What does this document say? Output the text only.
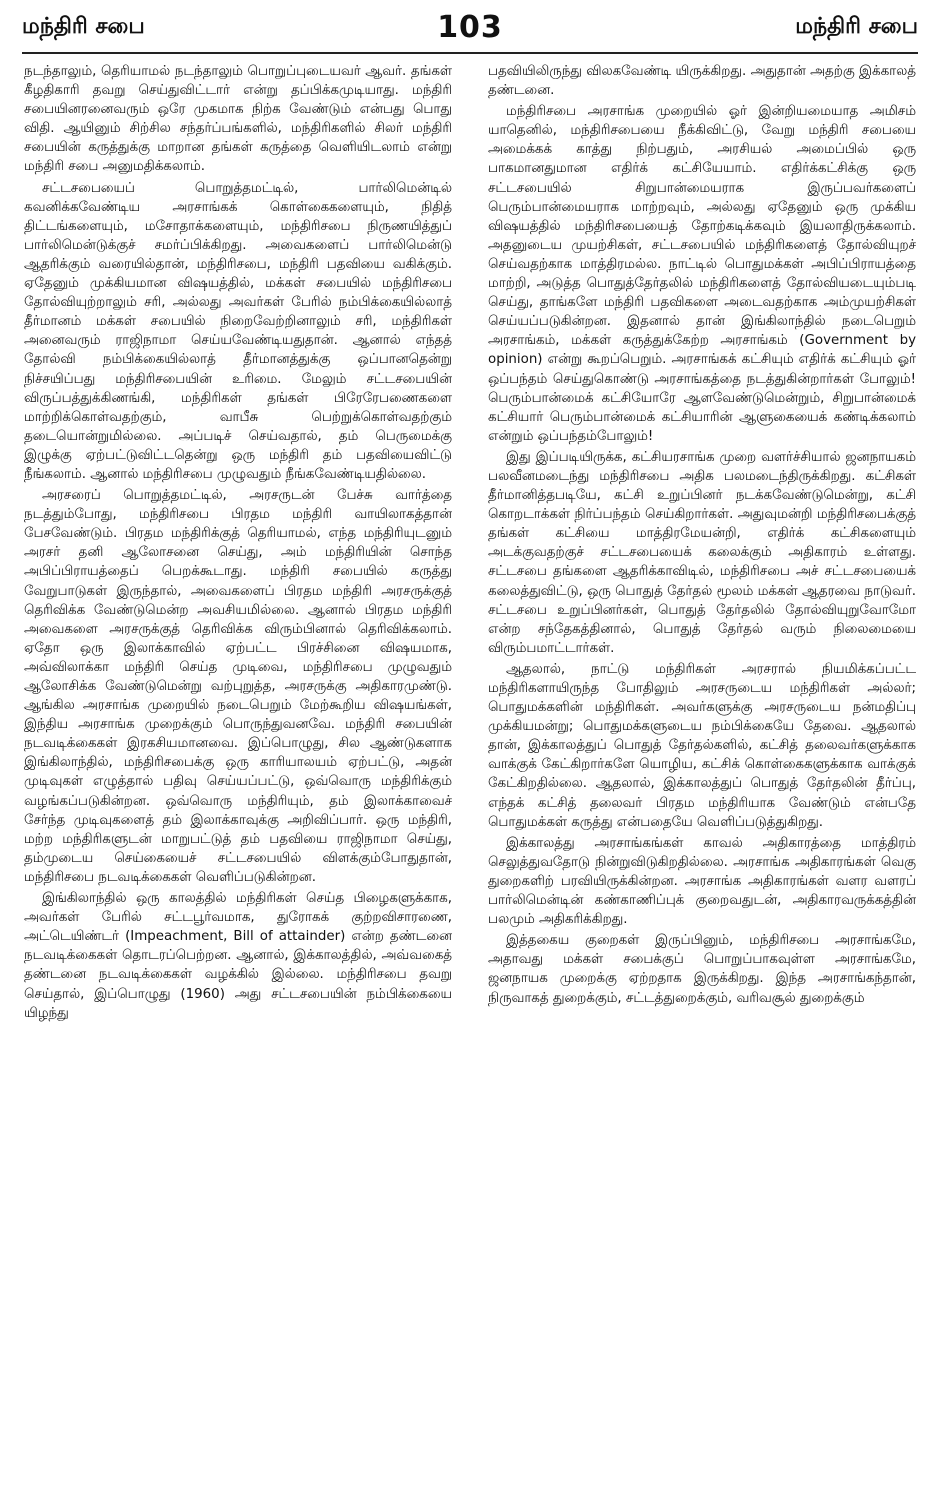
மந்திரி சபை	103	மந்திரி சபை

நடந்தாலும், தெரியாமல் நடந்தாலும் பொறுப்புடையவர் ஆவர். தங்கள் கீழதிகாரி தவறு செய்துவிட்டார் என்று தப்பிக்கமுடியாது. மந்திரி சபையினரனைவரும் ஒரே முகமாக நிற்க வேண்டும் என்பது பொது விதி. ஆயினும் சிற்சில சந்தர்ப்பங்களில், மந்திரிகளில் சிலர் மந்திரி சபையின் கருத்துக்கு மாறான தங்கள் கருத்தை வெளியிடலாம் என்று மந்திரி சபை அனுமதிக்கலாம்.

சட்டசபையைப் பொறுத்தமட்டில், பார்லிமென்டில் கவனிக்கவேண்டிய அரசாங்கக் கொள்கைகளையும், நிதித் திட்டங்களையும், மசோதாக்களையும், மந்திரிசபை நிருணயித்துப் பார்லிமென்டுக்குச் சமர்ப்பிக்கிறது. அவைகளைப் பார்லிமென்டு ஆதரிக்கும் வரையில்தான், மந்திரிசபை, மந்திரி பதவியை வகிக்கும். ஏதேனும் முக்கியமான விஷயத்தில், மக்கள் சபையில் மந்திரிசபை தோல்வியுற்றாலும் சரி, அல்லது அவர்கள் பேரில் நம்பிக்கையில்லாத் தீர்மானம் மக்கள் சபையில் நிறைவேற்றினாலும் சரி, மந்திரிகள் அனைவரும் ராஜிநாமா செய்யவேண்டியதுதான். ஆனால் எந்தத் தோல்வி நம்பிக்கையில்லாத் தீர்மானத்துக்கு ஒப்பானதென்று நிச்சயிப்பது மந்திரிசபையின் உரிமை. மேலும் சட்டசபையின் விருப்பத்துக்கிணங்கி, மந்திரிகள் தங்கள் பிரேரேபணைகளை மாற்றிக்கொள்வதற்கும், வாபீசு பெற்றுக்கொள்வதற்கும் தடையொன்றுமில்லை. அப்படிச் செய்வதால், தம் பெருமைக்கு இழுக்கு ஏற்பட்டுவிட்டதென்று ஒரு மந்திரி தம் பதவியைவிட்டு நீங்கலாம். ஆனால் மந்திரிசபை முழுவதும் நீங்கவேண்டியதில்லை.

அரசரைப் பொறுத்தமட்டில், அரசருடன் பேச்சு வார்த்தை நடத்தும்போது, மந்திரிசபை பிரதம மந்திரி வாயிலாகத்தான் பேசவேண்டும். பிரதம மந்திரிக்குத் தெரியாமல், எந்த மந்திரியுடனும் அரசர் தனி ஆலோசனை செய்து, அம் மந்திரியின் சொந்த அபிப்பிராயத்தைப் பெறக்கூடாது. மந்திரி சபையில் கருத்து வேறுபாடுகள் இருந்தால், அவைகளைப் பிரதம மந்திரி அரசருக்குத் தெரிவிக்க வேண்டுமென்ற அவசியமில்லை. ஆனால் பிரதம மந்திரி அவைகளை அரசருக்குத் தெரிவிக்க விரும்பினால் தெரிவிக்கலாம். ஏதோ ஒரு இலாக்காவில் ஏற்பட்ட பிரச்சினை விஷயமாக, அவ்விலாக்கா மந்திரி செய்த முடிவை, மந்திரிசபை முழுவதும் ஆலோசிக்க வேண்டுமென்று வற்புறுத்த, அரசருக்கு அதிகாரமுண்டு. ஆங்கில அரசாங்க முறையில் நடைபெறும் மேற்கூறிய விஷயங்கள், இந்திய அரசாங்க முறைக்கும் பொருந்துவனவே. மந்திரி சபையின் நடவடிக்கைகள் இரகசியமானவை. இப்பொழுது, சில ஆண்டுகளாக இங்கிலாந்தில், மந்திரிசபைக்கு ஒரு காரியாலயம் ஏற்பட்டு, அதன் முடிவுகள் எழுத்தால் பதிவு செய்யப்பட்டு, ஒவ்வொரு மந்திரிக்கும் வழங்கப்படுகின்றன. ஒவ்வொரு மந்திரியும், தம் இலாக்காவைச் சேர்ந்த முடிவுகளைத் தம் இலாக்காவுக்கு அறிவிப்பார். ஒரு மந்திரி, மற்ற மந்திரிகளுடன் மாறுபட்டுத் தம் பதவியை ராஜிநாமா செய்து, தம்முடைய செய்கையைச் சட்டசபையில் விளக்கும்போதுதான், மந்திரிசபை நடவடிக்கைகள் வெளிப்படுகின்றன.

இங்கிலாந்தில் ஒரு காலத்தில் மந்திரிகள் செய்த பிழைகளுக்காக, அவர்கள் பேரில் சட்டபூர்வமாக, துரோகக் குற்றவிசாரணை, அட்டெயிண்டர் (Impeachment, Bill of attainder) என்ற தண்டனை நடவடிக்கைகள் தொடரப்பெற்றன. ஆனால், இக்காலத்தில், அவ்வகைத் தண்டனை நடவடிக்கைகள் வழக்கில் இல்லை. மந்திரிசபை தவறு செய்தால், இப்பொழுது (1960) அது சட்டசபையின் நம்பிக்கையை யிழந்து

பதவியிலிருந்து விலகவேண்டி யிருக்கிறது. அதுதான் அதற்கு இக்காலத் தண்டனை.

மந்திரிசபை அரசாங்க முறையில் ஓர் இன்றியமையாத அமிசம் யாதெனில், மந்திரிசபையை நீக்கிவிட்டு, வேறு மந்திரி சபையை அமைக்கக் காத்து நிற்பதும், அரசியல் அமைப்பில் ஒரு பாகமானதுமான எதிர்க் கட்சியேயாம். எதிர்க்கட்சிக்கு ஒரு சட்டசபையில் சிறுபான்மையராக இருப்பவர்களைப் பெரும்பான்மையராக மாற்றவும், அல்லது ஏதேனும் ஒரு முக்கிய விஷயத்தில் மந்திரிசபையைத் தோற்கடிக்கவும் இயலாதிருக்கலாம். அதனுடைய முயற்சிகள், சட்டசபையில் மந்திரிகளைத் தோல்வியுறச் செய்வதற்காக மாத்திரமல்ல. நாட்டில் பொதுமக்கள் அபிப்பிராயத்தை மாற்றி, அடுத்த பொதுத்தேர்தலில் மந்திரிகளைத் தோல்வியடையும்படி செய்து, தாங்களே மந்திரி பதவிகளை அடைவதற்காக அம்முயற்சிகள் செய்யப்படுகின்றன. இதனால் தான் இங்கிலாந்தில் நடைபெறும் அரசாங்கம், மக்கள் கருத்துக்கேற்ற அரசாங்கம் (Government by opinion) என்று கூறப்பெறும். அரசாங்கக் கட்சியும் எதிர்க் கட்சியும் ஓர் ஒப்பந்தம் செய்துகொண்டு அரசாங்கத்தை நடத்துகின்றார்கள் போலும்! பெரும்பான்மைக் கட்சியோரே ஆளவேண்டுமென்றும், சிறுபான்மைக் கட்சியார் பெரும்பான்மைக் கட்சியாரின் ஆளுகையைக் கண்டிக்கலாம் என்றும் ஒப்பந்தம்போலும்!

இது இப்படியிருக்க, கட்சியரசாங்க முறை வளர்ச்சியால் ஜனநாயகம் பலவீனமடைந்து மந்திரிசபை அதிக பலமடைந்திருக்கிறது. கட்சிகள் தீர்மானித்தபடியே, கட்சி உறுப்பினர் நடக்கவேண்டுமென்று, கட்சி கொறடாக்கள் நிர்ப்பந்தம் செய்கிறார்கள். அதுவுமன்றி மந்திரிசபைக்குத் தங்கள் கட்சியை மாத்திரமேயன்றி, எதிர்க் கட்சிகளையும் அடக்குவதற்குச் சட்டசபையைக் கலைக்கும் அதிகாரம் உள்ளது. சட்டசபை தங்களை ஆதரிக்காவிடில், மந்திரிசபை அச் சட்டசபையைக் கலைத்துவிட்டு, ஒரு பொதுத் தேர்தல் மூலம் மக்கள் ஆதரவை நாடுவர். சட்டசபை உறுப்பினர்கள், பொதுத் தேர்தலில் தோல்வியுறுவோமோ என்ற சந்தேகத்தினால், பொதுத் தேர்தல் வரும் நிலைமையை விரும்பமாட்டார்கள்.

ஆதலால், நாட்டு மந்திரிகள் அரசரால் நியமிக்கப்பட்ட மந்திரிகளாயிருந்த போதிலும் அரசருடைய மந்திரிகள் அல்லர்; பொதுமக்களின் மந்திரிகள். அவர்களுக்கு அரசருடைய நன்மதிப்பு முக்கியமன்று; பொதுமக்களுடைய நம்பிக்கையே தேவை. ஆதலால் தான், இக்காலத்துப் பொதுத் தேர்தல்களில், கட்சித் தலைவர்களுக்காக வாக்குக் கேட்கிறார்களே யொழிய, கட்சிக் கொள்கைகளுக்காக வாக்குக் கேட்கிறதில்லை. ஆதலால், இக்காலத்துப் பொதுத் தேர்தலின் தீர்ப்பு, எந்தக் கட்சித் தலைவர் பிரதம மந்திரியாக வேண்டும் என்பதே பொதுமக்கள் கருத்து என்பதையே வெளிப்படுத்துகிறது.

இக்காலத்து அரசாங்கங்கள் காவல் அதிகாரத்தை மாத்திரம் செலுத்துவதோடு நின்றுவிடுகிறதில்லை. அரசாங்க அதிகாரங்கள் வெகு துறைகளிற் பரவியிருக்கின்றன. அரசாங்க அதிகாரங்கள் வளர வளரப் பார்லிமென்டின் கண்காணிப்புக் குறைவதுடன், அதிகாரவருக்கத்தின் பலமும் அதிகரிக்கிறது.

இத்தகைய குறைகள் இருப்பினும், மந்திரிசபை அரசாங்கமே, அதாவது மக்கள் சபைக்குப் பொறுப்பாகவுள்ள அரசாங்கமே, ஜனநாயக முறைக்கு ஏற்றதாக இருக்கிறது. இந்த அரசாங்கந்தான், நிருவாகத் துறைக்கும், சட்டத்துறைக்கும், வரிவசூல் துறைக்கும்
